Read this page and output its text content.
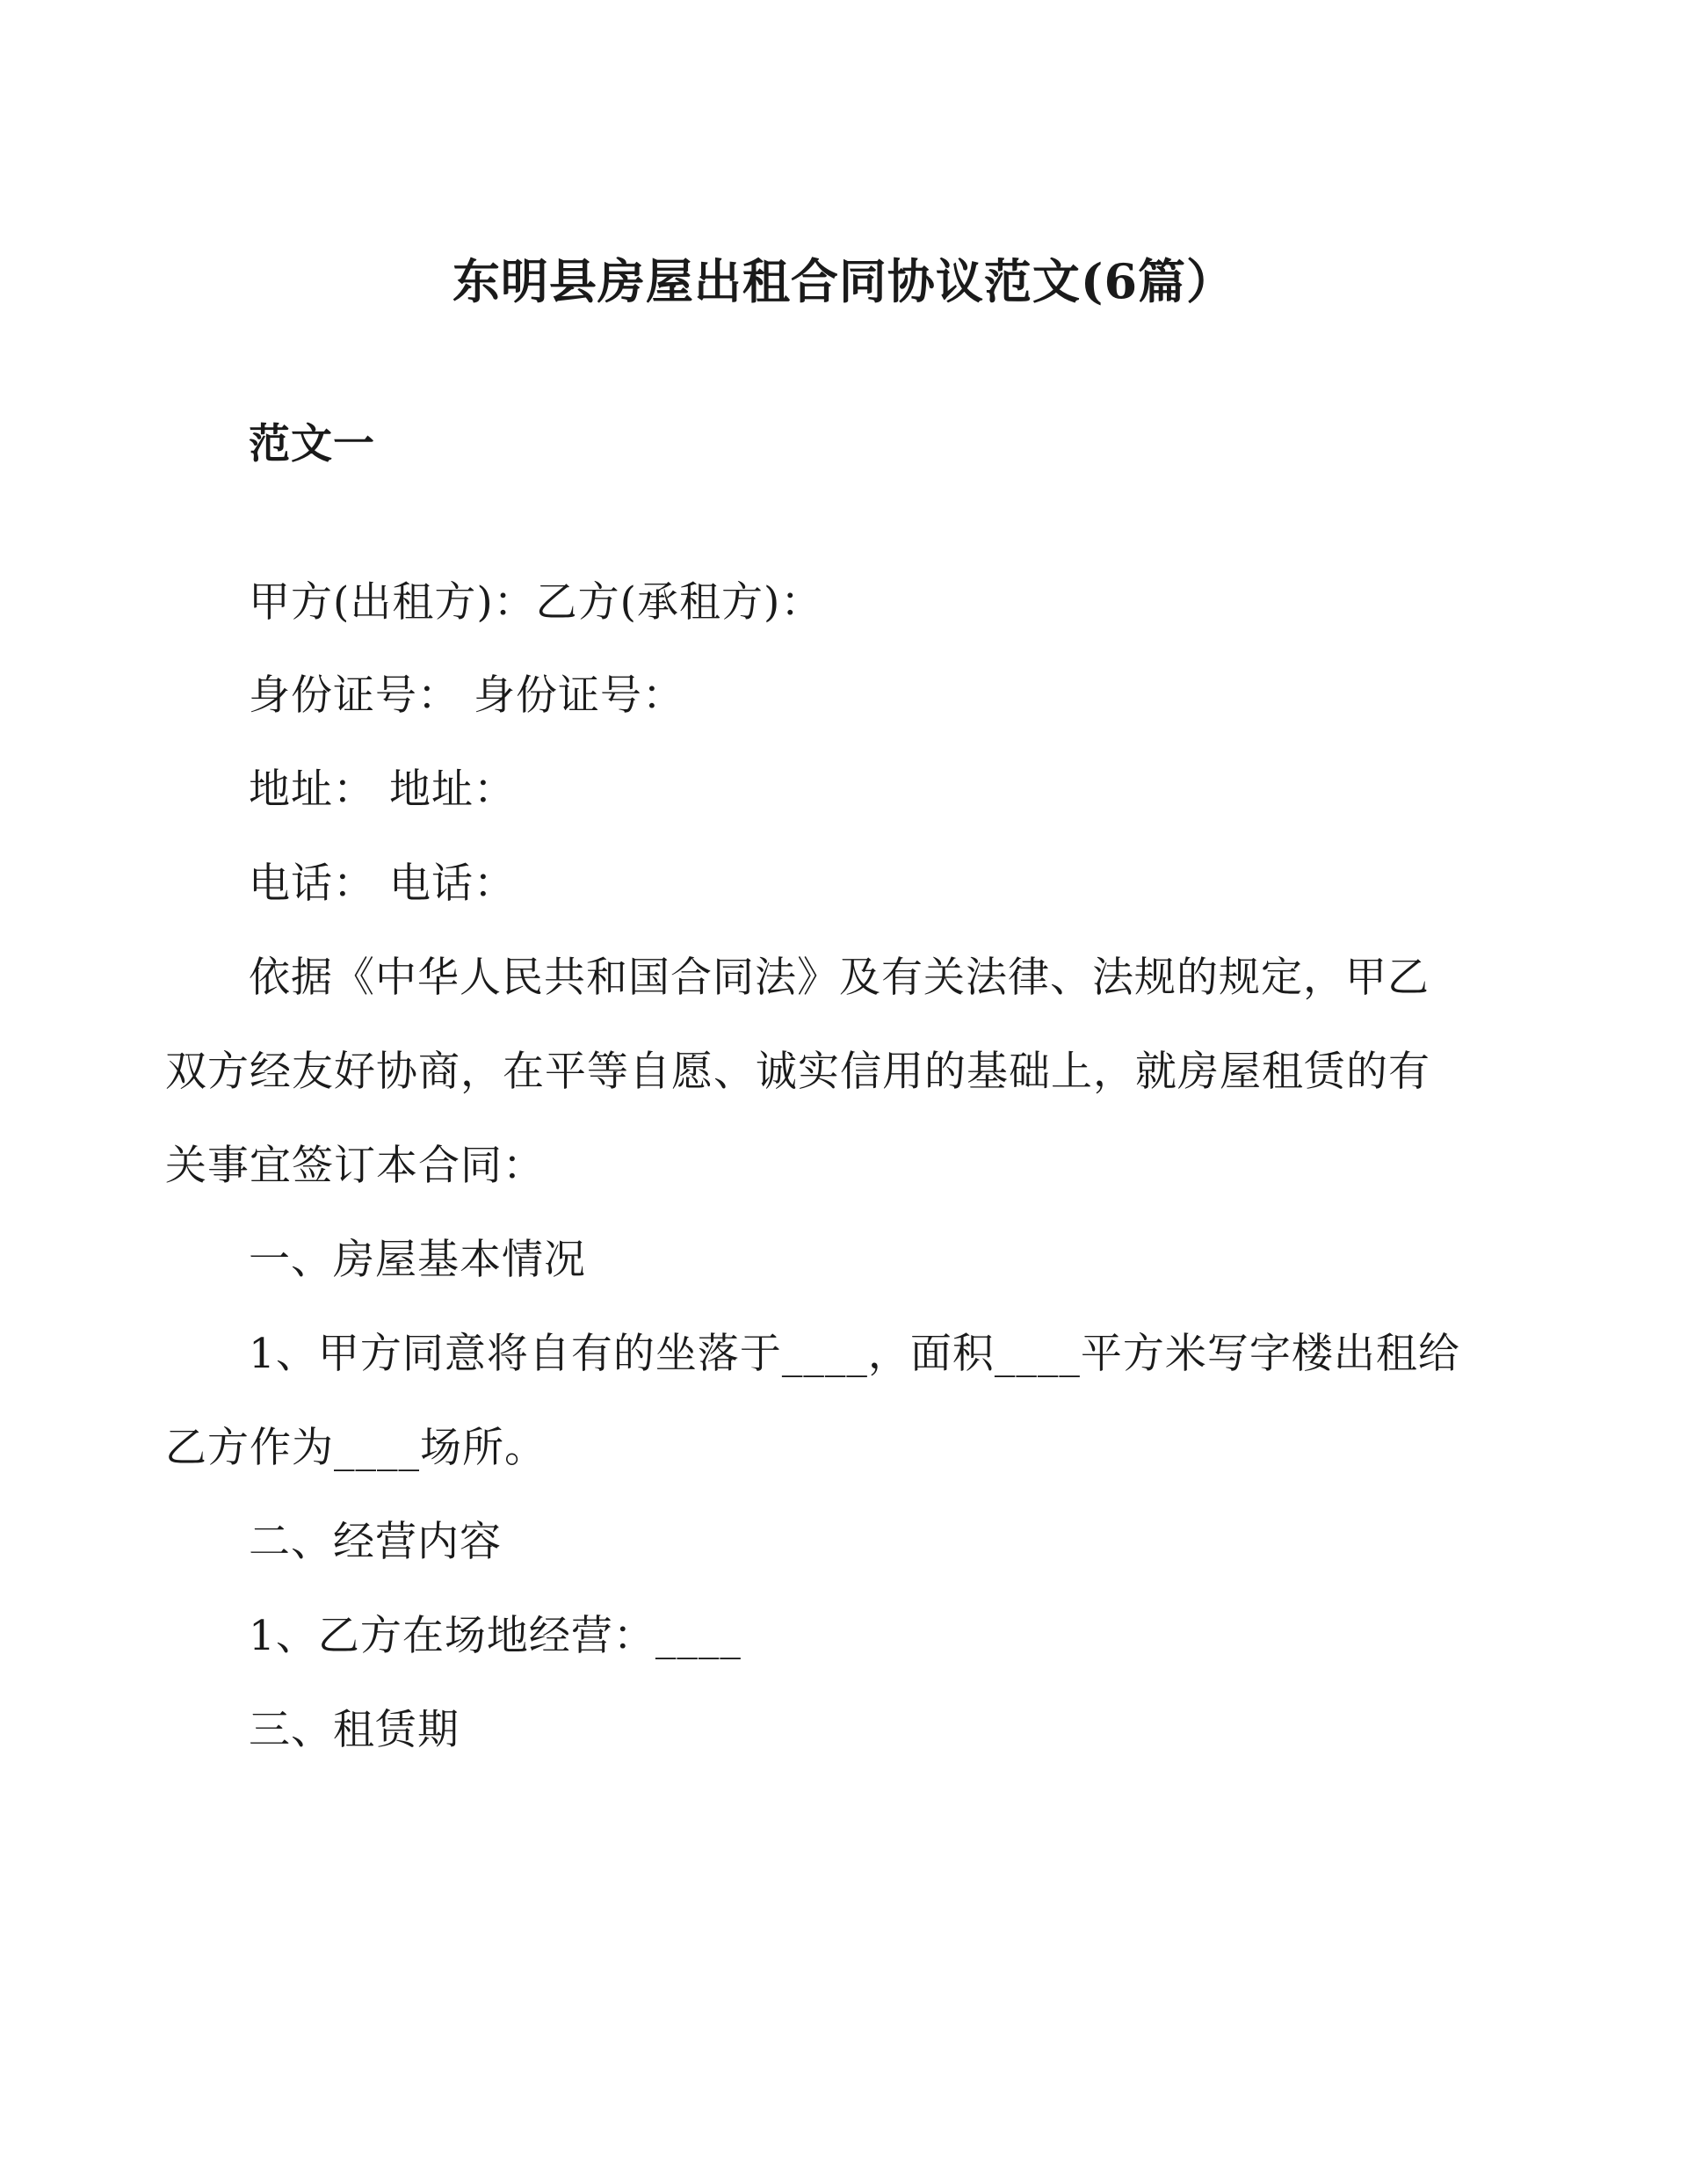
东明县房屋出租合同协议范文(6篇）
范文一
甲方(出租方)：乙方(承租方)：
身份证号： 身份证号：
地址： 地址：
电话： 电话：
依据《中华人民共和国合同法》及有关法律、法规的规定，甲乙
双方经友好协商，在平等自愿、诚实信用的基础上，就房屋租赁的有
关事宜签订本合同：
一、房屋基本情况
1、甲方同意将自有的坐落于____，面积____平方米写字楼出租给
乙方作为____场所。
二、经营内容
1、乙方在场地经营：____
三、租赁期
